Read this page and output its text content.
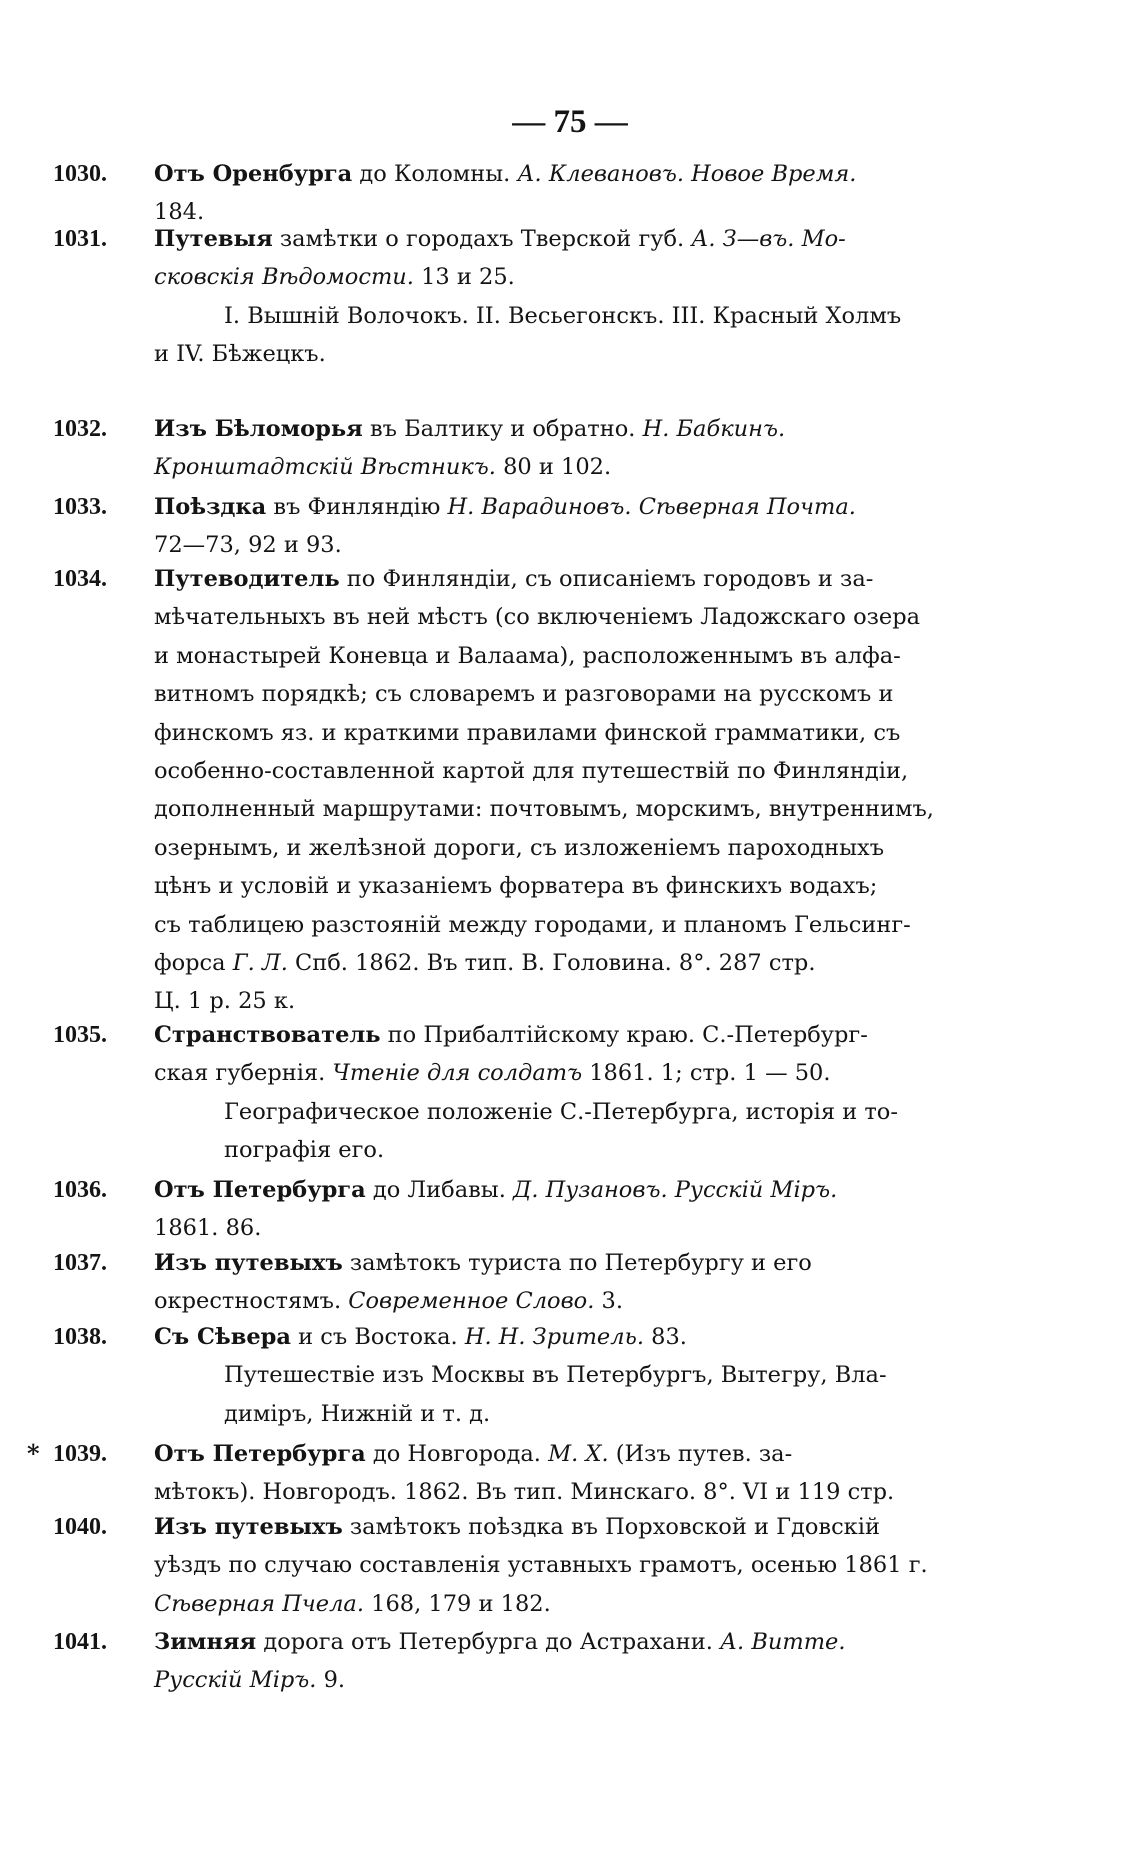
— 75 —
1030.	Отъ Оренбурга до Коломны. А. Клевановъ. Новое Время.
184.
1031.	Путевыя замѣтки о городахъ Тверской губ. А. З—въ. Mo-
сковскія Вѣдомости. 13 и 25.
I. Вышній Волочокъ. II. Весьегонскъ. III. Красный Холмъ
и IV. Бѣжецкъ.
1032.	Изъ Бѣломорья въ Балтику и обратно. Н. Бабкинъ.
Кронштадтскій Вѣстникъ. 80 и 102.
1033.	Поѣздка въ Финляндію Н. Варадиновъ. Сѣверная Почта.
72—73, 92 и 93.
1034.	Путеводитель по Финляндіи, съ описаніемъ городовъ и за-
мѣчательныхъ въ ней мѣстъ (со включеніемъ Ладожскаго озера
и монастырей Коневца и Валаама), расположеннымъ въ алфа-
витномъ порядкѣ; съ словаремъ и разговорами на русскомъ и
финскомъ яз. и краткими правилами финской грамматики, съ
особенно-составленной картой для путешествій по Финляндіи,
дополненный маршрутами: почтовымъ, морскимъ, внутреннимъ,
озернымъ, и желѣзной дороги, съ изложеніемъ пароходныхъ
цѣнъ и условій и указаніемъ форватера въ финскихъ водахъ;
съ таблицею разстояній между городами, и планомъ Гельсинг-
форса Г. Л. Спб. 1862. Въ тип. В. Головина. 8°. 287 стр.
Ц. 1 р. 25 к.
1035.	Странствователь по Прибалтійскому краю. С.-Петербург-
ская губернія. Чтеніе для солдатъ 1861. 1; стр. 1 — 50.
Географическое положеніе С.-Петербурга, исторія и то-
пографія его.
1036.	Отъ Петербурга до Либавы. Д. Пузановъ. Русскій Міръ.
1861. 86.
1037.	Изъ путевыхъ замѣтокъ туриста по Петербургу и его
окрестностямъ. Современное Слово. 3.
1038.	Съ Сѣвера и съ Востока. Н. Н. Зритель. 83.
Путешествіе изъ Москвы въ Петербургъ, Вытегру, Вла-
диміръ, Нижній и т. д.
* 1039.	Отъ Петербурга до Новгорода. М. Х. (Изъ путев. за-
мѣтокъ). Новгородъ. 1862. Въ тип. Минскаго. 8°. VI и 119 стр.
1040.	Изъ путевыхъ замѣтокъ поѣздка въ Порховской и Гдовскій
уѣздъ по случаю составленія уставныхъ грамотъ, осенью 1861 г.
Сѣверная Пчела. 168, 179 и 182.
1041.	Зимняя дорога отъ Петербурга до Астрахани. А. Витте.
Русскій Міръ. 9.
